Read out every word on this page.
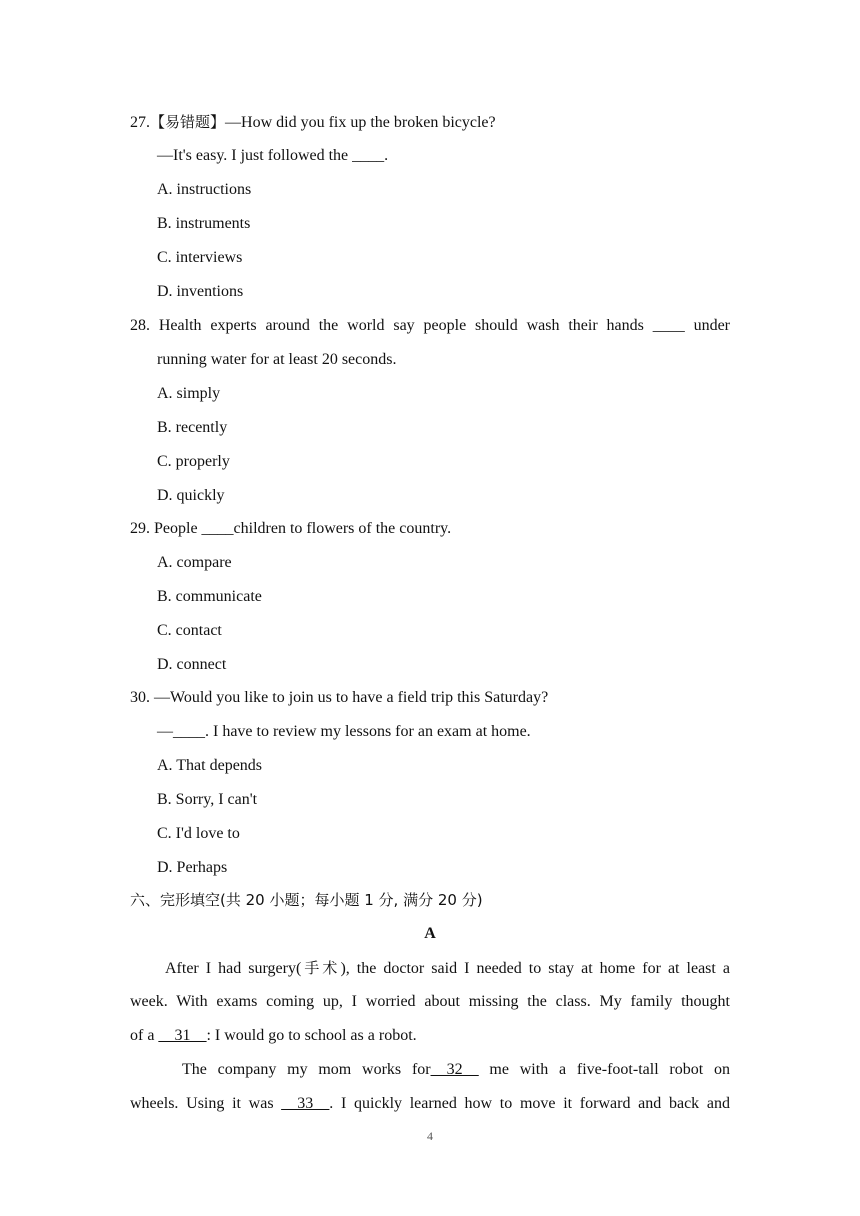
27.【易错题】—How did you fix up the broken bicycle?
—It's easy. I just followed the ____.
A. instructions
B. instruments
C. interviews
D. inventions
28. Health experts around the world say people should wash their hands ____ under
running water for at least 20 seconds.
A. simply
B. recently
C. properly
D. quickly
29. People ____children to flowers of the country.
A. compare
B. communicate
C. contact
D. connect
30. —Would you like to join us to have a field trip this Saturday?
—____. I have to review my lessons for an exam at home.
A. That depends
B. Sorry, I can't
C. I'd love to
D. Perhaps
六、完形填空(共 20 小题；每小题 1 分, 满分 20 分)
A
After I had surgery(手术), the doctor said I needed to stay at home for at least a
week. With exams coming up, I worried about missing the class. My family thought
of a __31__: I would go to school as a robot.
The company my mom works for__32__ me with a five-foot-tall robot on
wheels. Using it was __33__. I quickly learned how to move it forward and back and
4
